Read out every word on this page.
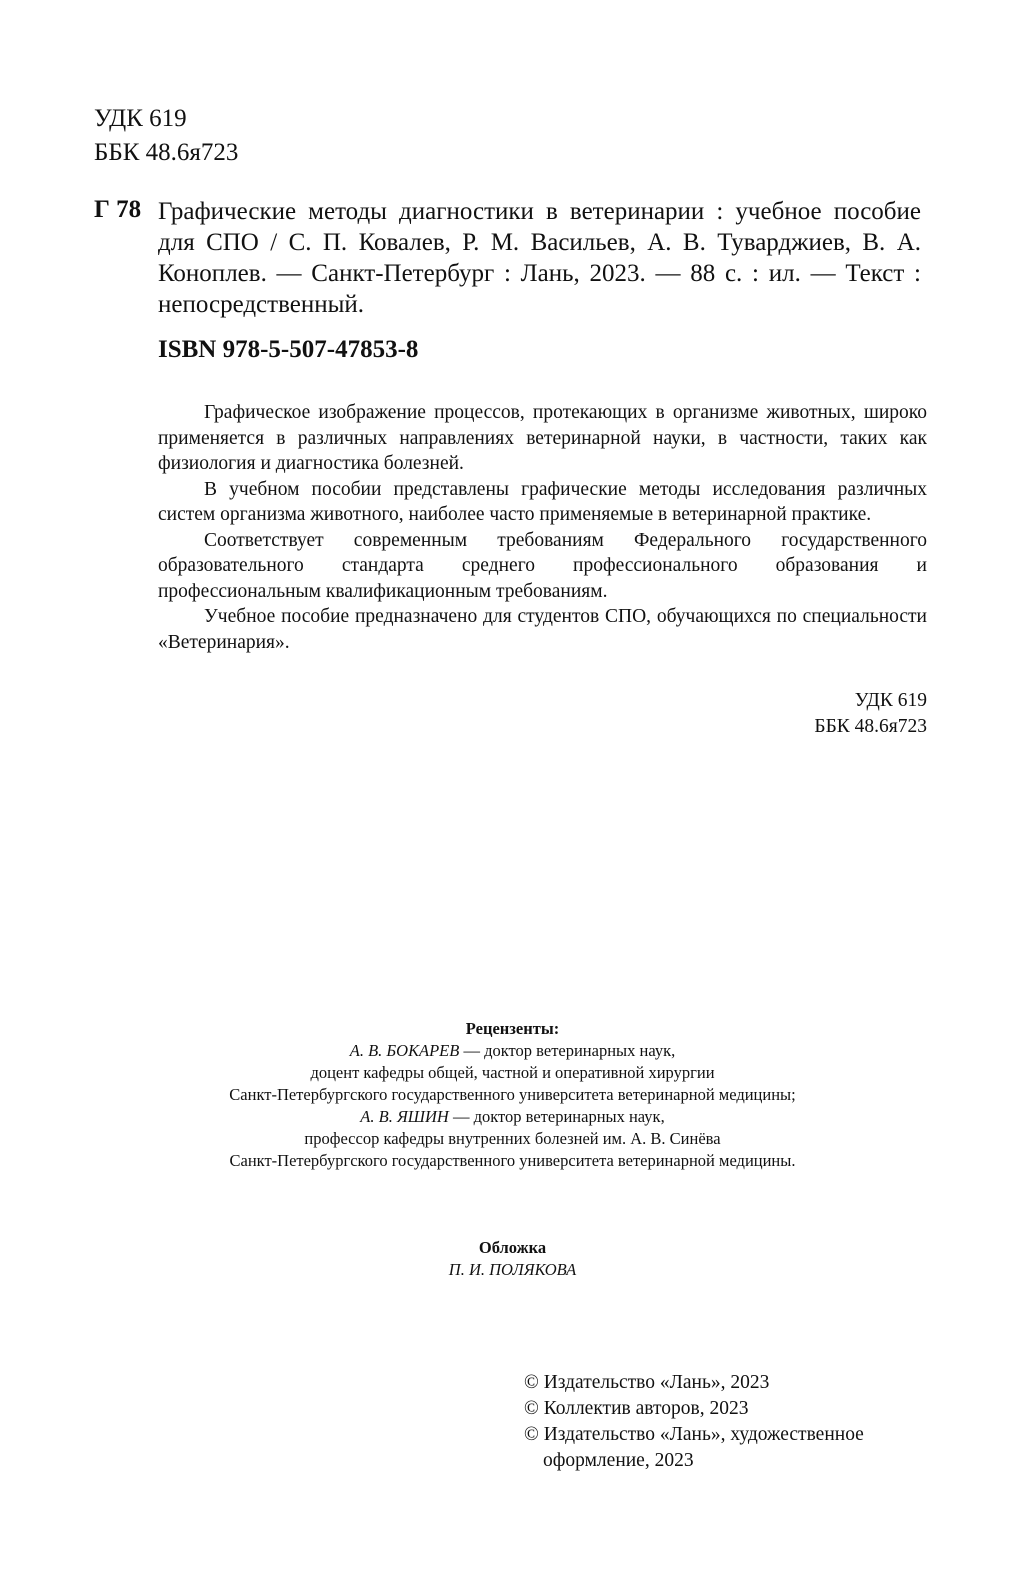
УДК 619
ББК 48.6я723
Г 78 Графические методы диагностики в ветеринарии : учебное пособие для СПО / С. П. Ковалев, Р. М. Васильев, А. В. Туварджиев, В. А. Коноплев. — Санкт-Петербург : Лань, 2023. — 88 с. : ил. — Текст : непосредственный.
ISBN 978-5-507-47853-8

Графическое изображение процессов, протекающих в организме животных, широко применяется в различных направлениях ветеринарной науки, в частности, таких как физиология и диагностика болезней.

В учебном пособии представлены графические методы исследования различных систем организма животного, наиболее часто применяемые в ветеринарной практике.

Соответствует современным требованиям Федерального государственного образовательного стандарта среднего профессионального образования и профессиональным квалификационным требованиям.

Учебное пособие предназначено для студентов СПО, обучающихся по специальности «Ветеринария».

УДК 619
ББК 48.6я723
Рецензенты:
А. В. БОКАРЕВ — доктор ветеринарных наук,
доцент кафедры общей, частной и оперативной хирургии
Санкт-Петербургского государственного университета ветеринарной медицины;
А. В. ЯШИН — доктор ветеринарных наук,
профессор кафедры внутренних болезней им. А. В. Синёва
Санкт-Петербургского государственного университета ветеринарной медицины.
Обложка
П. И. ПОЛЯКОВА
© Издательство «Лань», 2023
© Коллектив авторов, 2023
© Издательство «Лань», художественное
оформление, 2023
